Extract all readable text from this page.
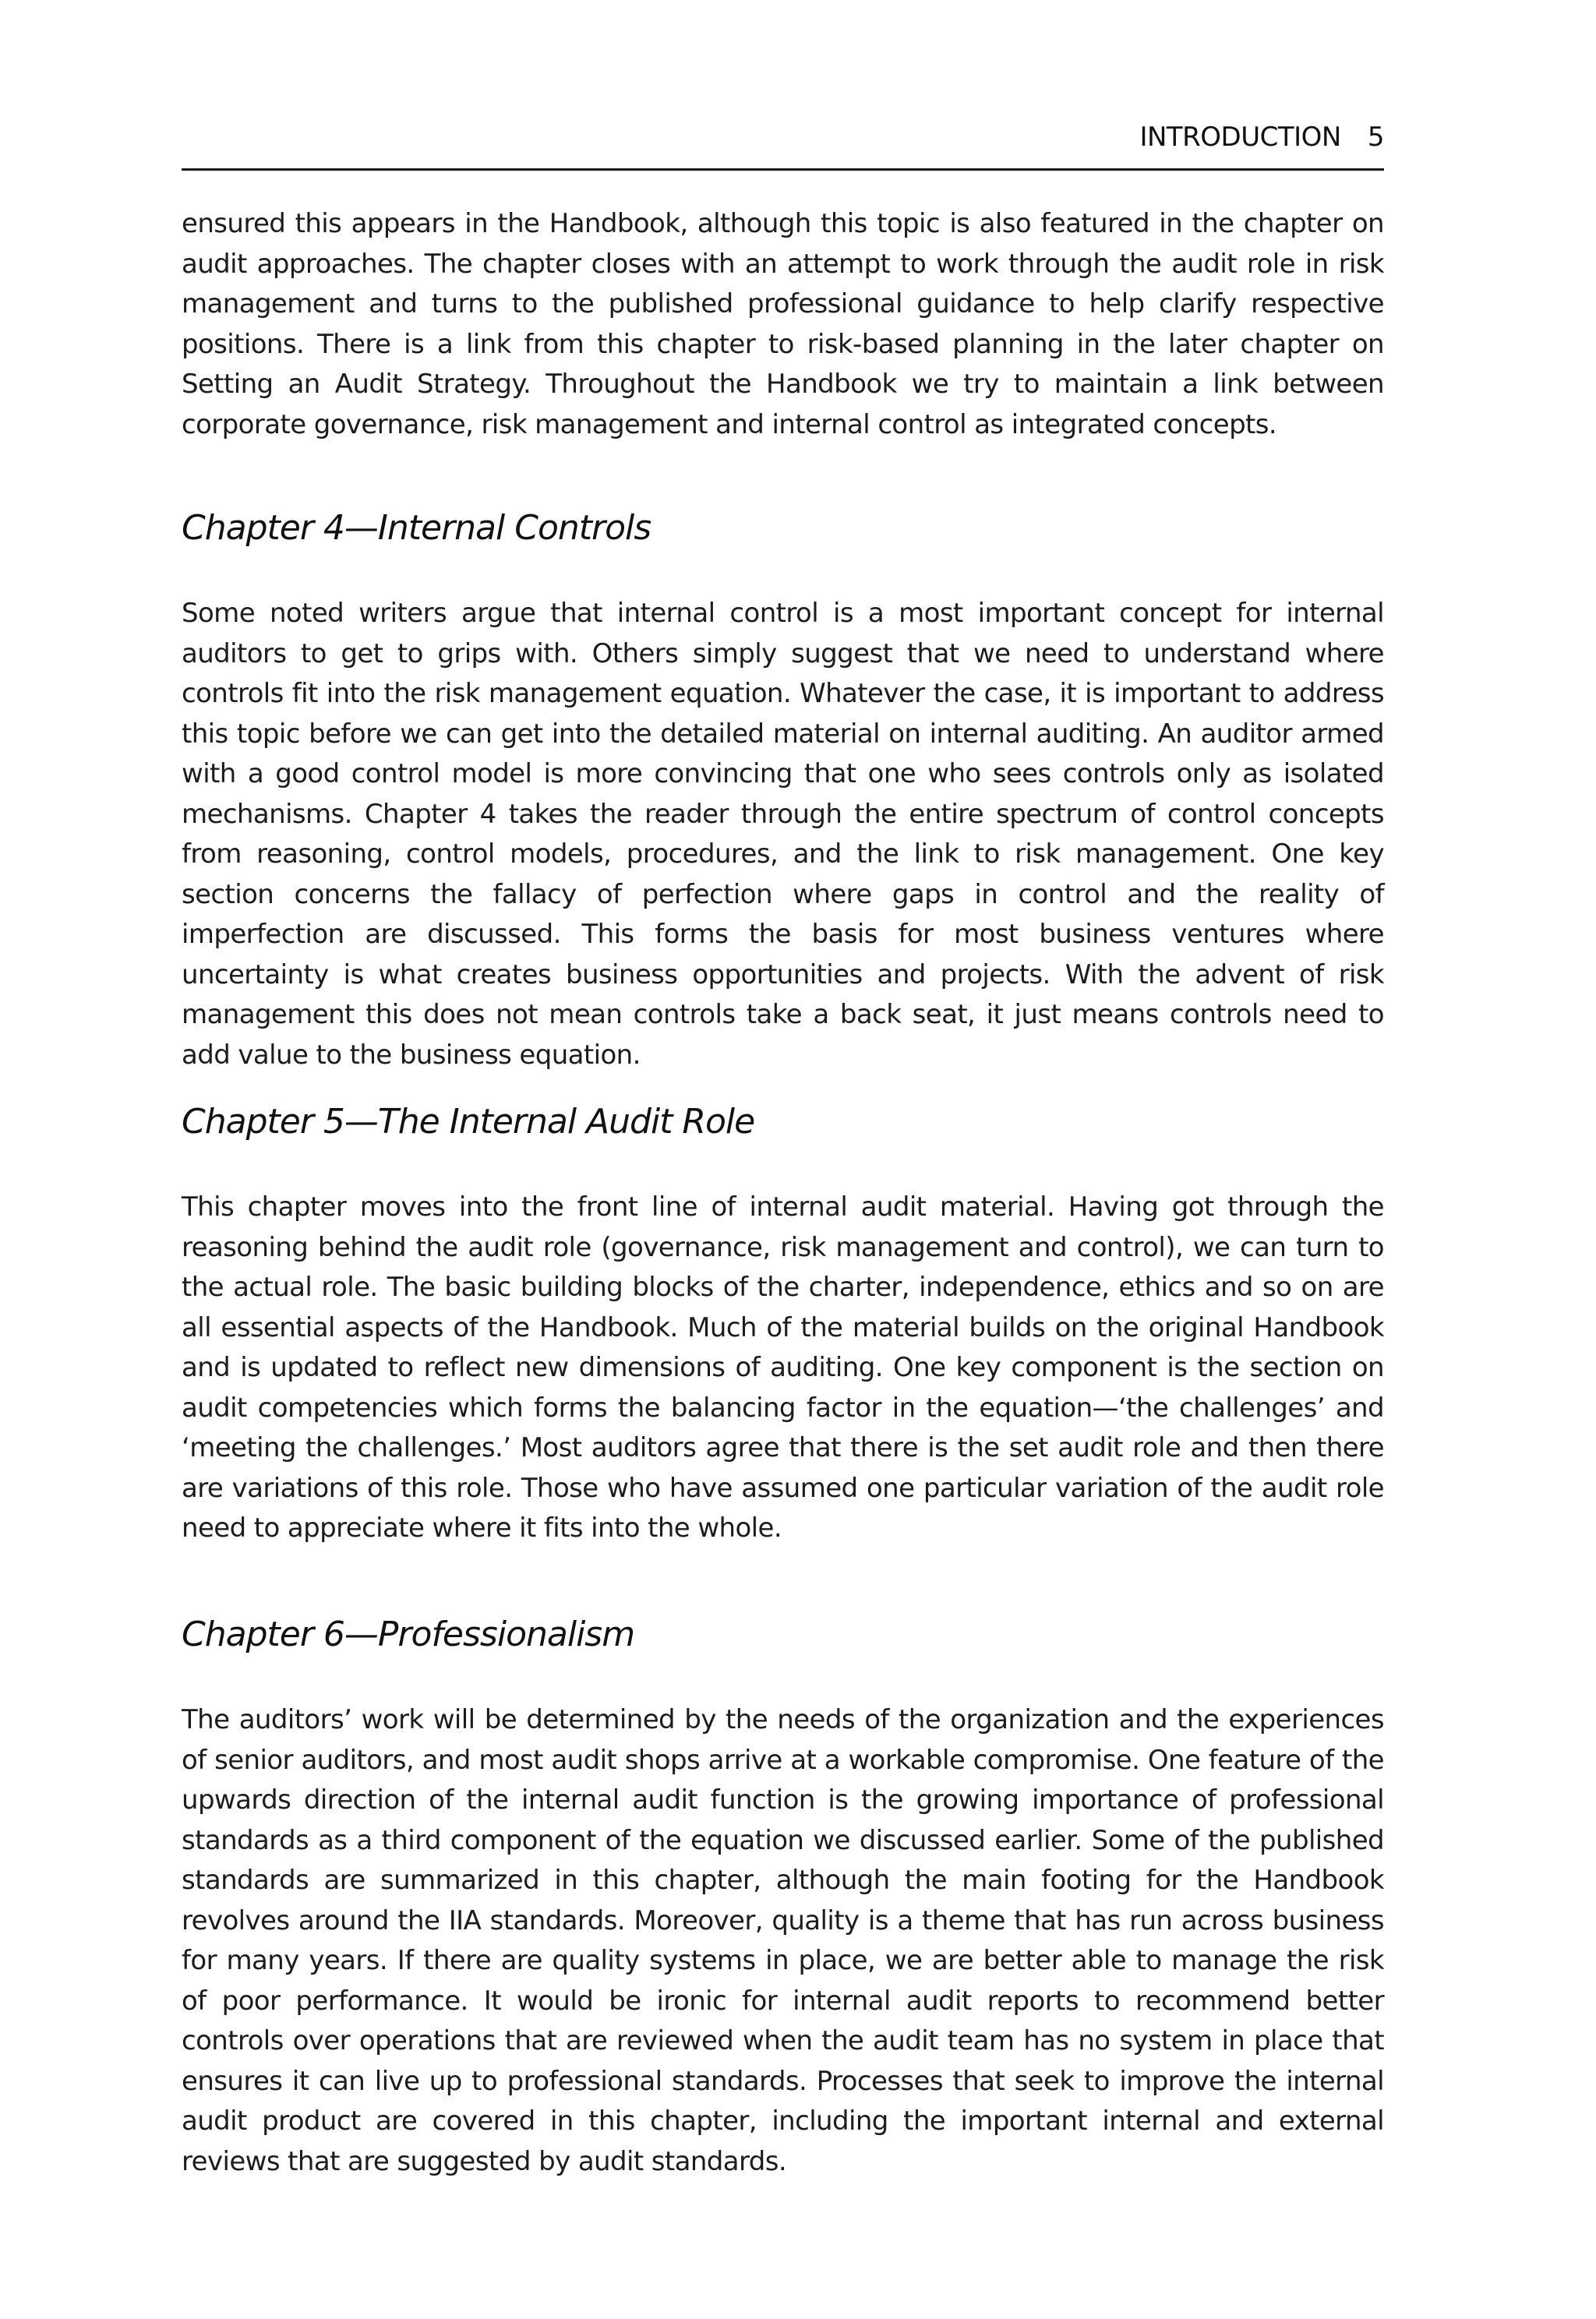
INTRODUCTION 5

ensured this appears in the Handbook, although this topic is also featured in the chapter on audit approaches. The chapter closes with an attempt to work through the audit role in risk management and turns to the published professional guidance to help clarify respective positions. There is a link from this chapter to risk-based planning in the later chapter on Setting an Audit Strategy. Throughout the Handbook we try to maintain a link between corporate governance, risk management and internal control as integrated concepts.

Chapter 4—Internal Controls

Some noted writers argue that internal control is a most important concept for internal auditors to get to grips with. Others simply suggest that we need to understand where controls fit into the risk management equation. Whatever the case, it is important to address this topic before we can get into the detailed material on internal auditing. An auditor armed with a good control model is more convincing that one who sees controls only as isolated mechanisms. Chapter 4 takes the reader through the entire spectrum of control concepts from reasoning, control models, procedures, and the link to risk management. One key section concerns the fallacy of perfection where gaps in control and the reality of imperfection are discussed. This forms the basis for most business ventures where uncertainty is what creates business opportunities and projects. With the advent of risk management this does not mean controls take a back seat, it just means controls need to add value to the business equation.

Chapter 5—The Internal Audit Role

This chapter moves into the front line of internal audit material. Having got through the reasoning behind the audit role (governance, risk management and control), we can turn to the actual role. The basic building blocks of the charter, independence, ethics and so on are all essential aspects of the Handbook. Much of the material builds on the original Handbook and is updated to reflect new dimensions of auditing. One key component is the section on audit competencies which forms the balancing factor in the equation—‘the challenges’ and ‘meeting the challenges.’ Most auditors agree that there is the set audit role and then there are variations of this role. Those who have assumed one particular variation of the audit role need to appreciate where it fits into the whole.

Chapter 6—Professionalism

The auditors’ work will be determined by the needs of the organization and the experiences of senior auditors, and most audit shops arrive at a workable compromise. One feature of the upwards direction of the internal audit function is the growing importance of professional standards as a third component of the equation we discussed earlier. Some of the published standards are summarized in this chapter, although the main footing for the Handbook revolves around the IIA standards. Moreover, quality is a theme that has run across business for many years. If there are quality systems in place, we are better able to manage the risk of poor performance. It would be ironic for internal audit reports to recommend better controls over operations that are reviewed when the audit team has no system in place that ensures it can live up to professional standards. Processes that seek to improve the internal audit product are covered in this chapter, including the important internal and external reviews that are suggested by audit standards.
